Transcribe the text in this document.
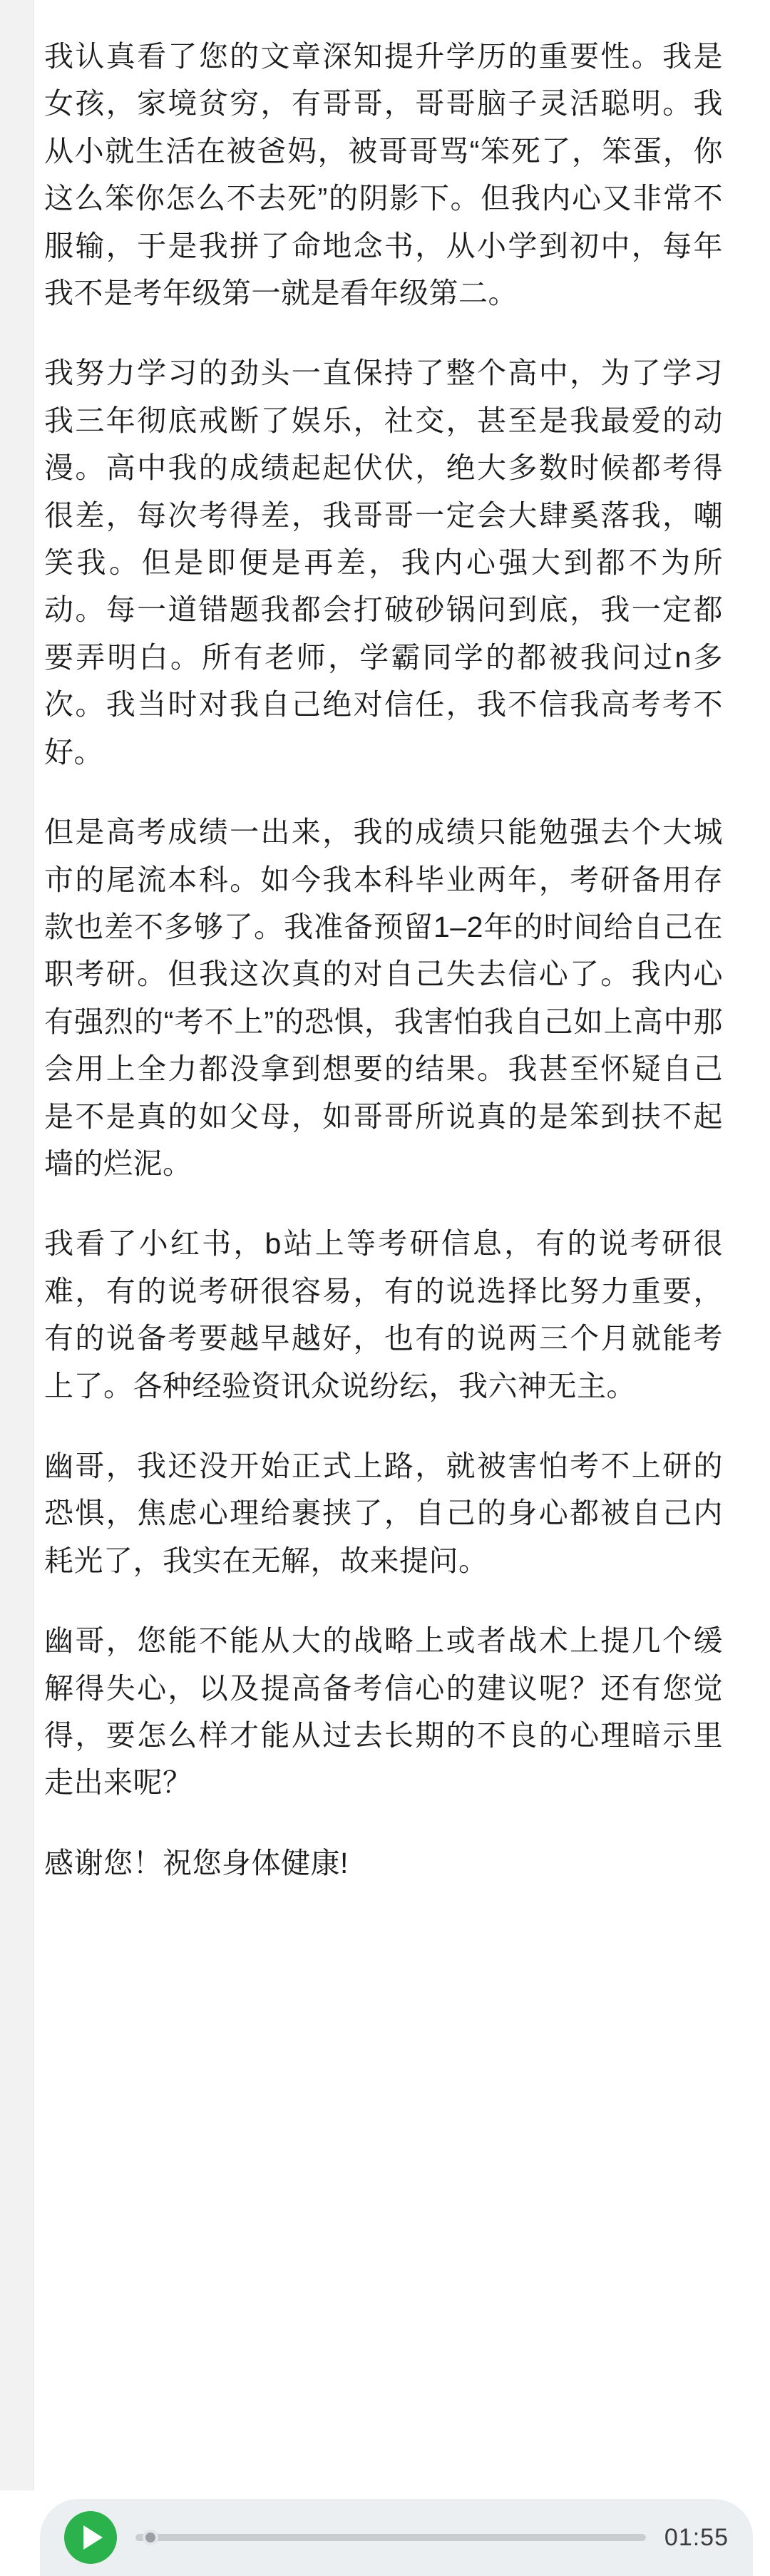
我认真看了您的文章深知提升学历的重要性。我是女孩，家境贫穷，有哥哥，哥哥脑子灵活聪明。我从小就生活在被爸妈，被哥哥骂“笨死了，笨蛋，你这么笨你怎么不去死”的阴影下。但我内心又非常不服输，于是我拼了命地念书，从小学到初中，每年我不是考年级第一就是看年级第二。

我努力学习的劲头一直保持了整个高中，为了学习我三年彻底戒断了娱乐，社交，甚至是我最爱的动漫。高中我的成绩起起伏伏，绝大多数时候都考得很差，每次考得差，我哥哥一定会大肆奚落我，嘲笑我。但是即便是再差，我内心强大到都不为所动。每一道错题我都会打破砂锅问到底，我一定都要弄明白。所有老师，学霸同学的都被我问过n多次。我当时对我自己绝对信任，我不信我高考考不好。

但是高考成绩一出来，我的成绩只能勉强去个大城市的尾流本科。如今我本科毕业两年，考研备用存款也差不多够了。我准备预留1–2年的时间给自己在职考研。但我这次真的对自己失去信心了。我内心有强烈的“考不上”的恐惧，我害怕我自己如上高中那会用上全力都没拿到想要的结果。我甚至怀疑自己是不是真的如父母，如哥哥所说真的是笨到扶不起墙的烂泥。

我看了小红书，b站上等考研信息，有的说考研很难，有的说考研很容易，有的说选择比努力重要，有的说备考要越早越好，也有的说两三个月就能考上了。各种经验资讯众说纷纭，我六神无主。

幽哥，我还没开始正式上路，就被害怕考不上研的恐惧，焦虑心理给裹挟了，自己的身心都被自己内耗光了，我实在无解，故来提问。

幽哥，您能不能从大的战略上或者战术上提几个缓解得失心，以及提高备考信心的建议呢？还有您觉得，要怎么样才能从过去长期的不良的心理暗示里走出来呢？

感谢您！祝您身体健康!

01:55
